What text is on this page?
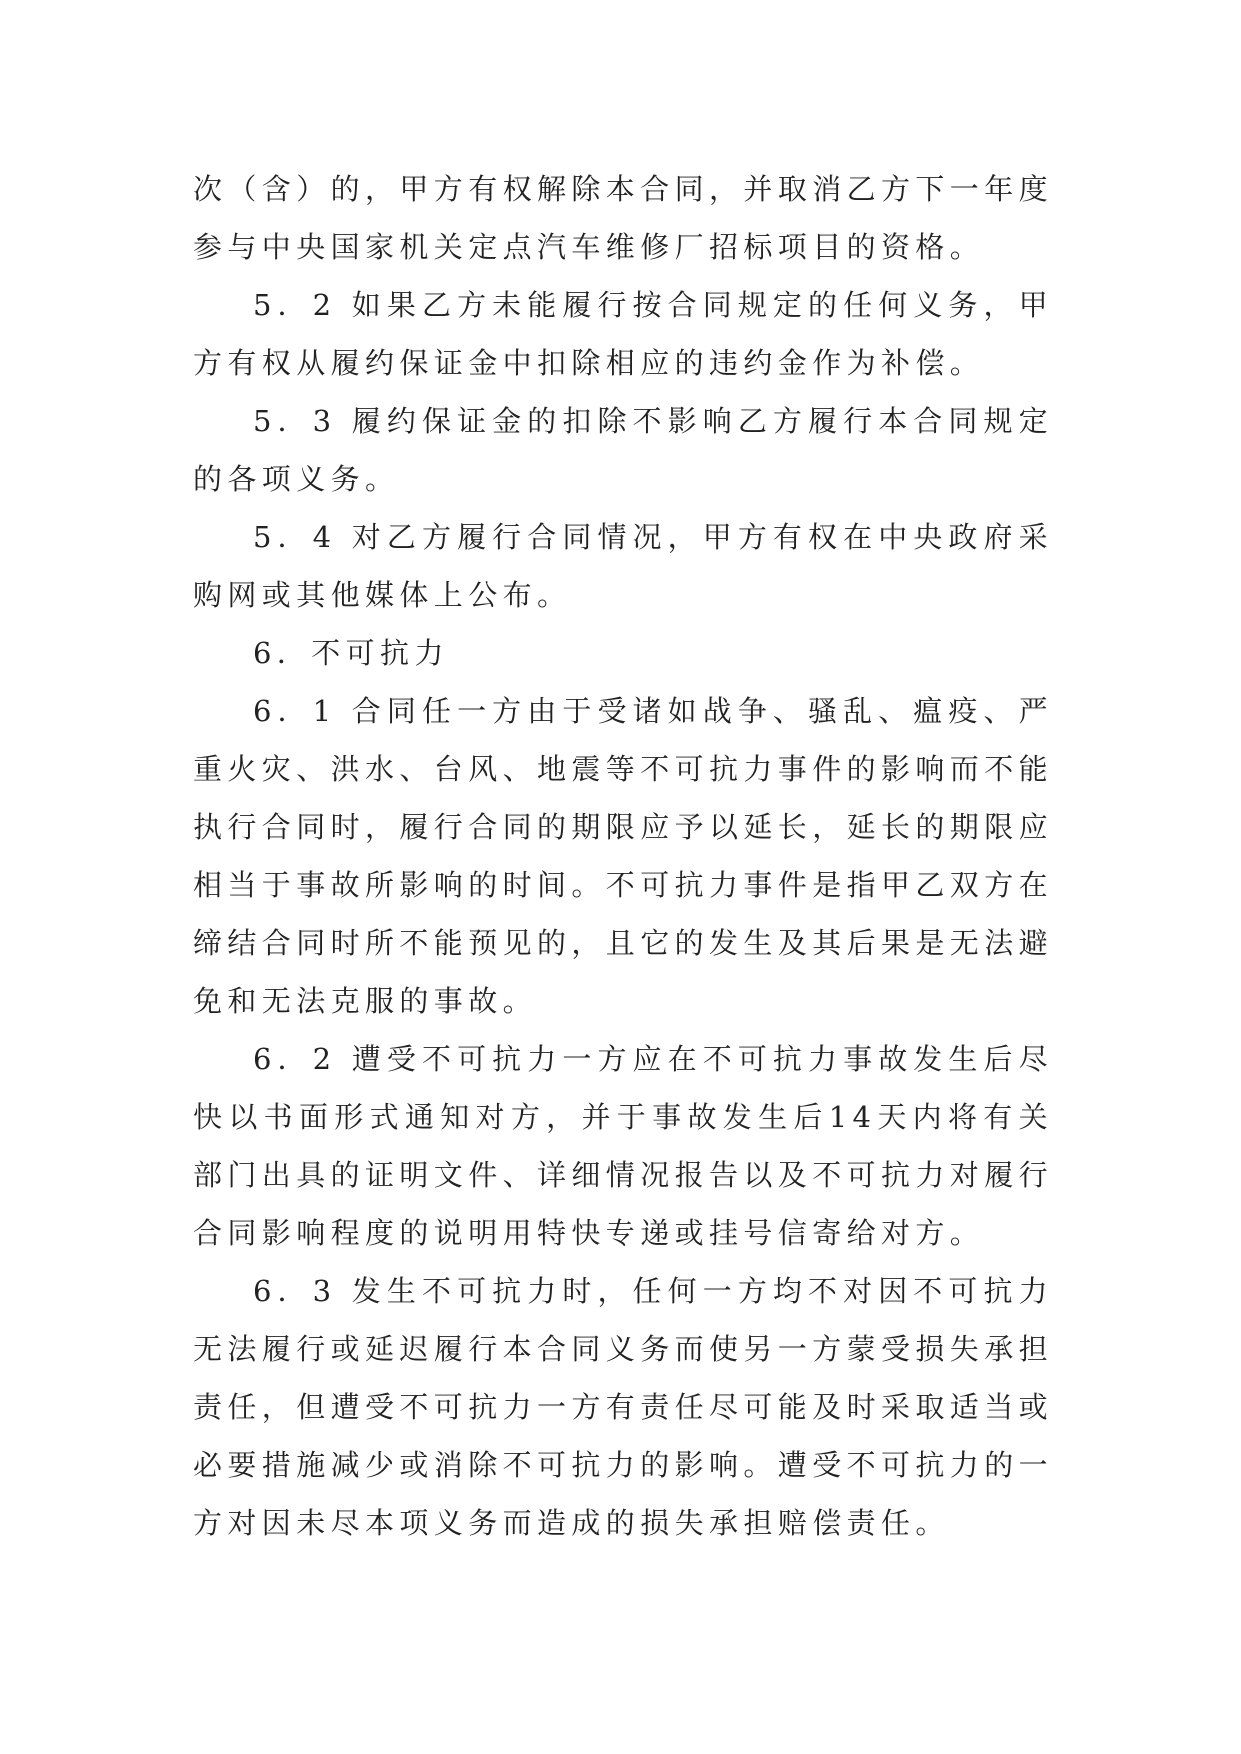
次（含）的，甲方有权解除本合同，并取消乙方下一年度参与中央国家机关定点汽车维修厂招标项目的资格。

5．2 如果乙方未能履行按合同规定的任何义务，甲方有权从履约保证金中扣除相应的违约金作为补偿。

5．3 履约保证金的扣除不影响乙方履行本合同规定的各项义务。

5．4 对乙方履行合同情况，甲方有权在中央政府采购网或其他媒体上公布。

6．不可抗力

6．1 合同任一方由于受诸如战争、骚乱、瘟疫、严重火灾、洪水、台风、地震等不可抗力事件的影响而不能执行合同时，履行合同的期限应予以延长，延长的期限应相当于事故所影响的时间。不可抗力事件是指甲乙双方在缔结合同时所不能预见的，且它的发生及其后果是无法避免和无法克服的事故。

6．2 遭受不可抗力一方应在不可抗力事故发生后尽快以书面形式通知对方，并于事故发生后14天内将有关部门出具的证明文件、详细情况报告以及不可抗力对履行合同影响程度的说明用特快专递或挂号信寄给对方。

6．3 发生不可抗力时，任何一方均不对因不可抗力无法履行或延迟履行本合同义务而使另一方蒙受损失承担责任，但遭受不可抗力一方有责任尽可能及时采取适当或必要措施减少或消除不可抗力的影响。遭受不可抗力的一方对因未尽本项义务而造成的损失承担赔偿责任。
